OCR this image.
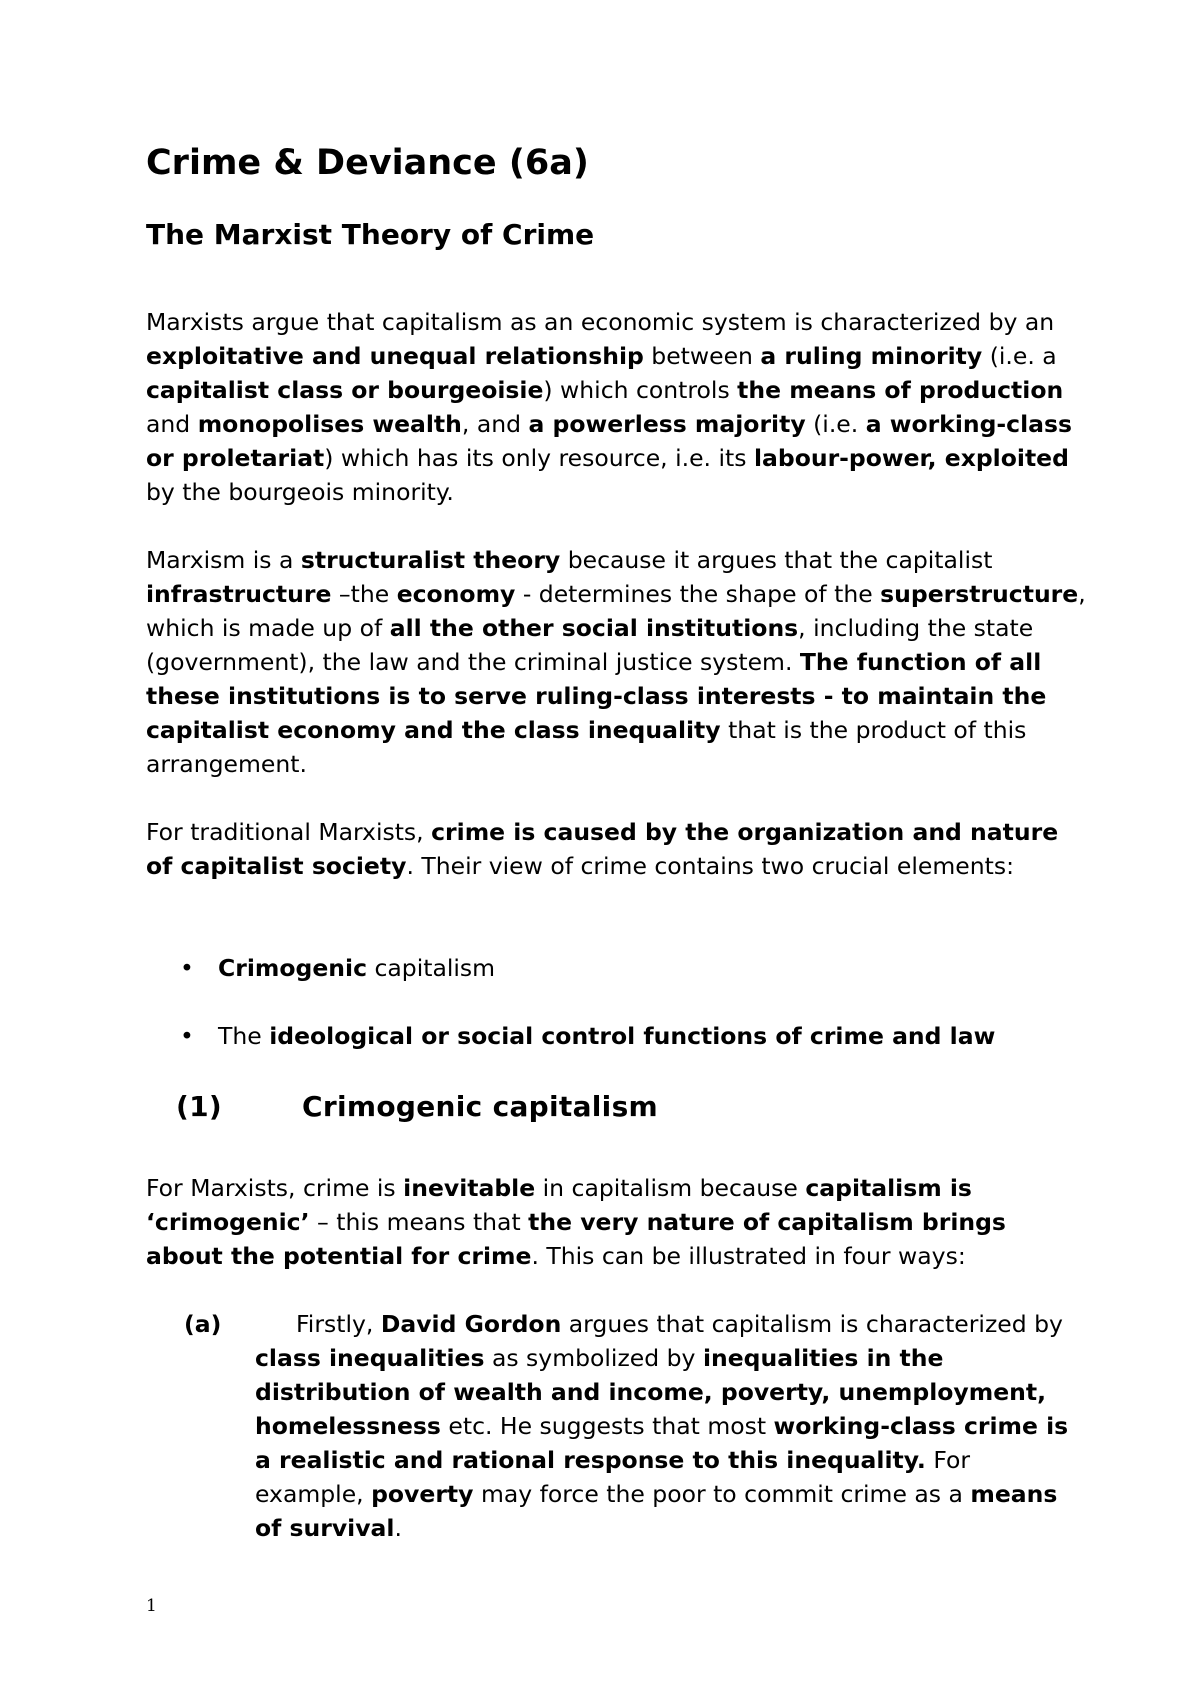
Crime & Deviance (6a)
The Marxist Theory of Crime

Marxists argue that capitalism as an economic system is characterized by an exploitative and unequal relationship between a ruling minority (i.e. a capitalist class or bourgeoisie) which controls the means of production and monopolises wealth, and a powerless majority (i.e. a working-class or proletariat) which has its only resource, i.e. its labour-power, exploited by the bourgeois minority.

Marxism is a structuralist theory because it argues that the capitalist infrastructure –the economy - determines the shape of the superstructure, which is made up of all the other social institutions, including the state (government), the law and the criminal justice system. The function of all these institutions is to serve ruling-class interests - to maintain the capitalist economy and the class inequality that is the product of this arrangement.

For traditional Marxists, crime is caused by the organization and nature of capitalist society. Their view of crime contains two crucial elements:

• Crimogenic capitalism
• The ideological or social control functions of crime and law
(1)	Crimogenic capitalism

For Marxists, crime is inevitable in capitalism because capitalism is ‘crimogenic’ – this means that the very nature of capitalism brings about the potential for crime. This can be illustrated in four ways:

(a)	Firstly, David Gordon argues that capitalism is characterized by class inequalities as symbolized by inequalities in the distribution of wealth and income, poverty, unemployment, homelessness etc. He suggests that most working-class crime is a realistic and rational response to this inequality. For example, poverty may force the poor to commit crime as a means of survival.

1
